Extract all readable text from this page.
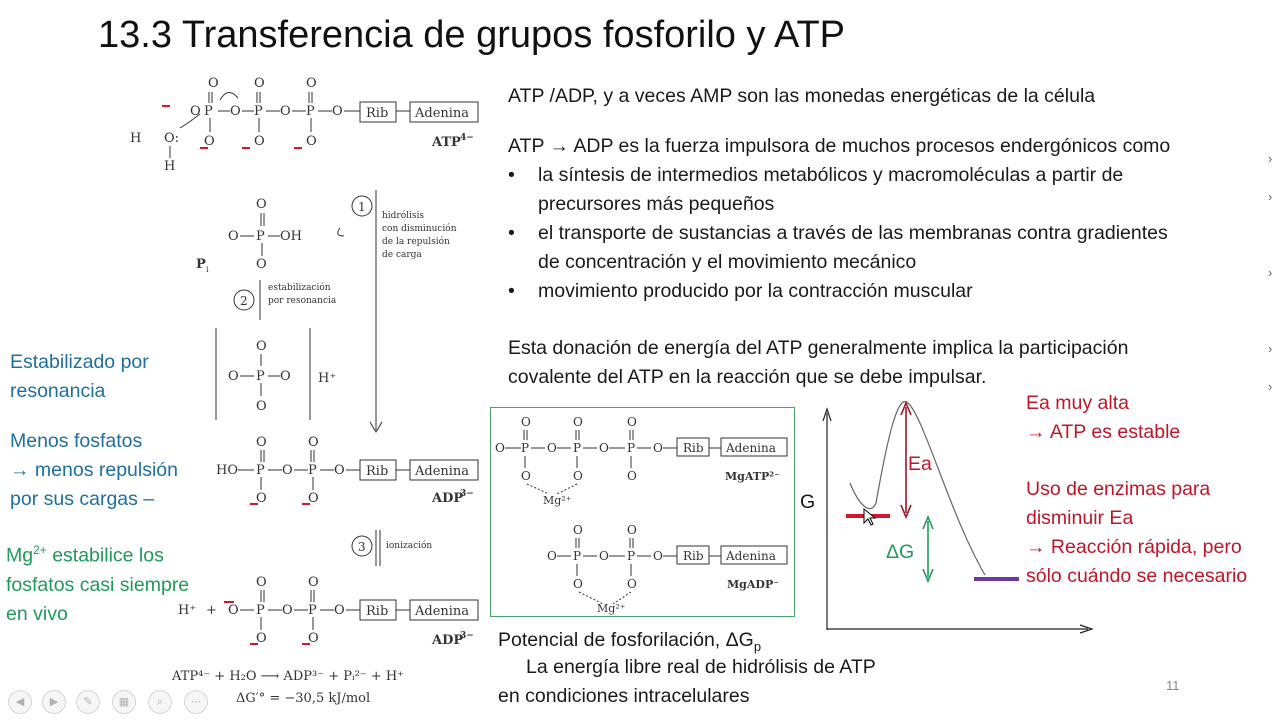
13.3 Transferencia de grupos fosforilo y ATP
H O:
H
O P
O
O
O P
O
O
O P
O
O
O Rib Adenina
ATP 4−
O
O P OH
O
P i
1
hidrólisis
con disminución
de la repulsión
de carga
2
estabilización
por resonancia
O
O P O
O
H⁺
O
HO P O P
O
O Rib Adenina
O	O	ADP
3−
3 ionización
H⁺ + O
O
P O P
O
O Rib Adenina
O	O	ADP
3−
ATP⁴⁻ + H₂O ⟶ ADP³⁻ + Pᵢ²⁻ + H⁺
ΔG′° = −30,5 kJ/mol
Estabilizado por
resonancia
Menos fosfatos
→ menos repulsión
por sus cargas –
$Mg^{2+}$ estabilice los
fosfatos casi siempre
en vivo
ATP /ADP, y a veces AMP son las monedas energéticas de la célula
ATP → ADP es la fuerza impulsora de muchos procesos endergónicos como
• la síntesis de intermedios metabólicos y macromoléculas a partir de
precursores más pequeños
• el transporte de sustancias a través de las membranas contra gradientes
de concentración y el movimiento mecánico
• movimiento producido por la contracción muscular
Esta donación de energía del ATP generalmente implica la participación
covalente del ATP en la reacción que se debe impulsar.
O P
O
O P
O
O P
O
O Rib Adenina
O	O	O
Mg²⁺
MgATP²⁻
O P
O
O P
O
O Rib Adenina
O	O
Mg²⁺
MgADP⁻
G
Ea
ΔG
Ea muy alta
→ ATP es estable
Uso de enzimas para
disminuir Ea
→ Reacción rápida, pero
sólo cuándo se necesario
Potencial de fosforilación, $\Delta G_p$
La energía libre real de hidrólisis de ATP
en condiciones intracelulares	11
›
›

›

›
›
◀	▶	✎	▦	⌕	⋯
